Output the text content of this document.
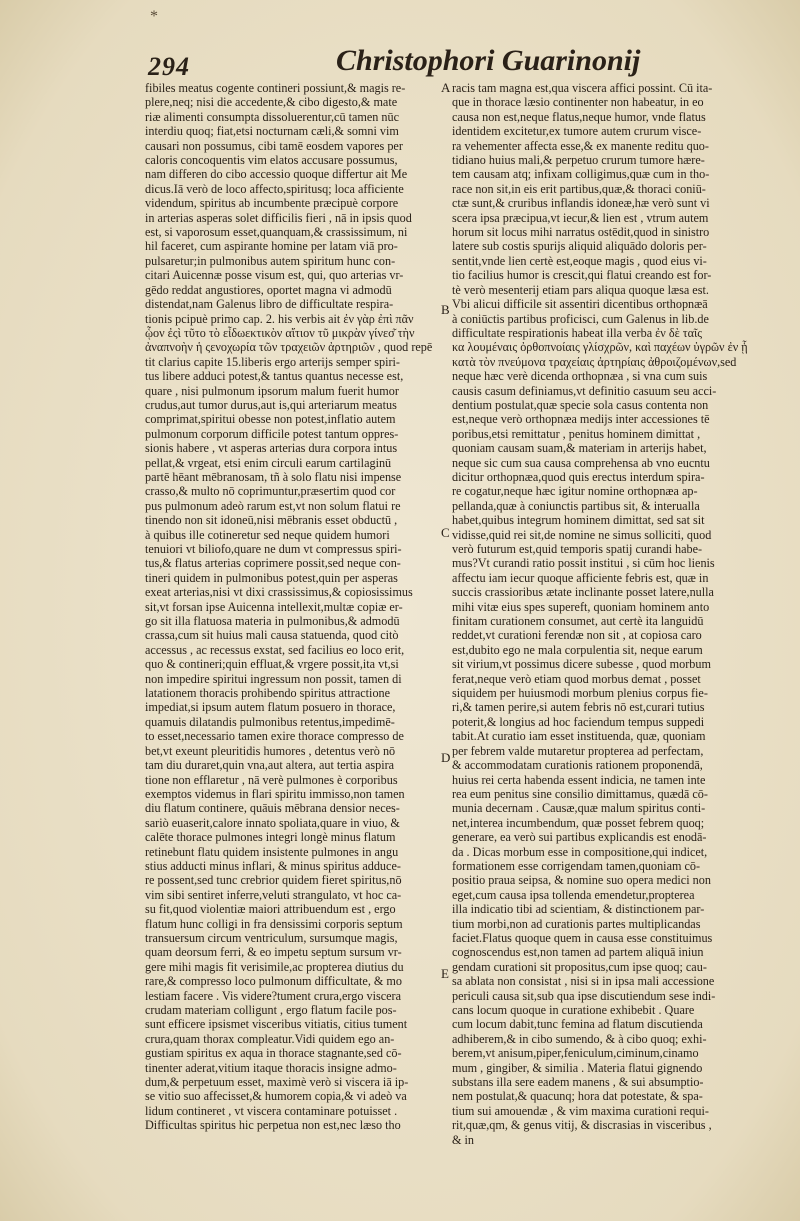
*
294	Christophori Guarinonij
A
B
C
D
E
fibiles meatus cogente contineri possiunt,& magis re-
plere,neq; nisi die accedente,& cibo digesto,& mate
riæ alimenti consumpta dissoluerentur,cū tamen nūc
interdiu quoq; fiat,etsi nocturnam cæli,& somni vim
causari non possumus, cibi tamē eosdem vapores per
caloris concoquentis vim elatos accusare possumus,
nam differen do cibo accessio quoque differtur ait Me
dicus.Iā verò de loco affecto,spiritusq; loca afficiente
videndum, spiritus ab incumbente præcipuè corpore
in arterias asperas solet difficilis fieri , nā in ipsis quod
est, si vaporosum esset,quanquam,& crassissimum, ni
hil faceret, cum aspirante homine per latam viā pro-
pulsaretur;in pulmonibus autem spiritum hunc con-
citari Auicennæ posse visum est, qui, quo arterias vr-
gēdo reddat angustiores, oportet magna vi admodū
distendat,nam Galenus libro de difficultate respira-
tionis pcipuè primo cap. 2. his verbis ait ἐν γὰρ ἐπὶ πᾶν
ᾧον ἐςὶ τῦτο τὸ εἶδωεκτικὸν αἴτιον τῦ μικρὰν γίνεσ͂ τὴν
ἀναπνοὴν ἡ ςενοχωρία τῶν τραχειῶν ἀρτηριῶν , quod repē
tit clarius capite 15.liberis ergo arterijs semper spiri-
tus libere adduci potest,& tantus quantus necesse est,
quare , nisi pulmonum ipsorum malum fuerit humor
crudus,aut tumor durus,aut is,qui arteriarum meatus
comprimat,spiritui obesse non potest,inflatio autem
pulmonum corporum difficile potest tantum oppres-
sionis habere , vt asperas arterias dura corpora intus
pellat,& vrgeat, etsi enim circuli earum cartilaginū
partē hēant mēbranosam, tñ à solo flatu nisi impense
crasso,& multo nō coprimuntur,præsertim quod cor
pus pulmonum adeò rarum est,vt non solum flatui re
tinendo non sit idoneū,nisi mēbranis esset obductū ,
à quibus ille cotineretur sed neque quidem humori
tenuiori vt biliofo,quare ne dum vt compressus spiri-
tus,& flatus arterias coprimere possit,sed neque con-
tineri quidem in pulmonibus potest,quin per asperas
exeat arterias,nisi vt dixi crassissimus,& copiosissimus
sit,vt forsan ipse Auicenna intellexit,multæ copiæ er-
go sit illa flatuosa materia in pulmonibus,& admodū
crassa,cum sit huius mali causa statuenda, quod citò
accessus , ac recessus exstat, sed facilius eo loco erit,
quo & contineri;quin effluat,& vrgere possit,ita vt,si
non impedire spiritui ingressum non possit, tamen di
latationem thoracis prohibendo spiritus attractione
impediat,si ipsum autem flatum posuero in thorace,
quamuis dilatandis pulmonibus retentus,impedimē-
to esset,necessario tamen exire thorace compresso de
bet,vt exeunt pleuritidis humores , detentus verò nō
tam diu duraret,quin vna,aut altera, aut tertia aspira
tione non efflaretur , nā verè pulmones è corporibus
exemptos videmus in flari spiritu immisso,non tamen
diu flatum continere, quāuis mēbrana densior neces-
sariò euaserit,calore innato spoliata,quare in viuo, &
calēte thorace pulmones integri longè minus flatum
retinebunt flatu quidem insistente pulmones in angu
stius adducti minus inflari, & minus spiritus adduce-
re possent,sed tunc crebrior quidem fieret spiritus,nō
vim sibi sentiret inferre,veluti strangulato, vt hoc ca-
su fit,quod violentiæ maiori attribuendum est , ergo
flatum hunc colligi in fra densissimi corporis septum
transuersum circum ventriculum, sursumque magis,
quam deorsum ferri, & eo impetu septum sursum vr-
gere mihi magis fit verisimile,ac propterea diutius du
rare,& compresso loco pulmonum difficultate, & mo
lestiam facere . Vis videre?tument crura,ergo viscera
crudam materiam colligunt , ergo flatum facile pos-
sunt efficere ipsismet visceribus vitiatis, citius tument
crura,quam thorax compleatur.Vidi quidem ego an-
gustiam spiritus ex aqua in thorace stagnante,sed cō-
tinenter aderat,vitium itaque thoracis insigne admo-
dum,& perpetuum esset, maximè verò si viscera iā ip-
se vitio suo affecisset,& humorem copia,& vi adeò va
lidum contineret , vt viscera contaminare potuisset .
Difficultas spiritus hic perpetua non est,nec læso tho
racis tam magna est,qua viscera affici possint. Cū ita-
que in thorace læsio continenter non habeatur, in eo
causa non est,neque flatus,neque humor, vnde flatus
identidem excitetur,ex tumore autem crurum visce-
ra vehementer affecta esse,& ex manente reditu quo-
tidiano huius mali,& perpetuo crurum tumore hære-
tem causam atq; infixam colligimus,quæ cum in tho-
race non sit,in eis erit partibus,quæ,& thoraci coniū-
ctæ sunt,& cruribus inflandis idoneæ,hæ verò sunt vi
scera ipsa præcipua,vt iecur,& lien est , vtrum autem
horum sit locus mihi narratus ostēdit,quod in sinistro
latere sub costis spurijs aliquid aliquādo doloris per-
sentit,vnde lien certè est,eoque magis , quod eius vi-
tio facilius humor is crescit,qui flatui creando est for-
tè verò mesenterij etiam pars aliqua quoque læsa est.
Vbi alicui difficile sit assentiri dicentibus orthopnæā
à coniūctis partibus proficisci, cum Galenus in lib.de
difficultate respirationis habeat illa verba ἐν δὲ ταῖς
κα λουμέναις ὀρθοπνοίαις γλίσχρῶν, καὶ παχέων ὑγρῶν ἐν ᾗ
κατὰ τὸν πνεύμονα τραχείαις ἀρτηρίαις ἀθροιζομένων,sed
neque hæc verè dicenda orthopnæa , si vna cum suis
causis casum definiamus,vt definitio casuum seu acci-
dentium postulat,quæ specie sola casus contenta non
est,neque verò orthopnæa medijs inter accessiones tē
poribus,etsi remittatur , penitus hominem dimittat ,
quoniam causam suam,& materiam in arterijs habet,
neque sic cum sua causa comprehensa ab vno eucntu
dicitur orthopnæa,quod quis erectus interdum spira-
re cogatur,neque hæc igitur nomine orthopnæa ap-
pellanda,quæ à coniunctis partibus sit, & interualla
habet,quibus integrum hominem dimittat, sed sat sit
vidisse,quid rei sit,de nomine ne simus solliciti, quod
verò futurum est,quid temporis spatij curandi habe-
mus?Vt curandi ratio possit institui , si cūm hoc lienis
affectu iam iecur quoque afficiente febris est, quæ in
succis crassioribus ætate inclinante posset latere,nulla
mihi vitæ eius spes supereft, quoniam hominem anto
finitam curationem consumet, aut certè ita languidū
reddet,vt curationi ferendæ non sit , at copiosa caro
est,dubito ego ne mala corpulentia sit, neque earum
sit virium,vt possimus dicere subesse , quod morbum
ferat,neque verò etiam quod morbus demat , posset
siquidem per huiusmodi morbum plenius corpus fie-
ri,& tamen perire,si autem febris nō est,curari tutius
poterit,& longius ad hoc faciendum tempus suppedi
tabit.At curatio iam esset instituenda, quæ, quoniam
per febrem valde mutaretur propterea ad perfectam,
& accommodatam curationis rationem proponendā,
huius rei certa habenda essent indicia, ne tamen inte
rea eum penitus sine consilio dimittamus, quædā cō-
munia decernam . Causæ,quæ malum spiritus conti-
net,interea incumbendum, quæ posset febrem quoq;
generare, ea verò sui partibus explicandis est enodā-
da . Dicas morbum esse in compositione,qui indicet,
formationem esse corrigendam tamen,quoniam cō-
positio praua seipsa, & nomine suo opera medici non
eget,cum causa ipsa tollenda emendetur,propterea
illa indicatio tibi ad scientiam, & distinctionem par-
tium morbi,non ad curationis partes multiplicandas
faciet.Flatus quoque quem in causa esse constituimus
cognoscendus est,non tamen ad partem aliquā iniun
gendam curationi sit propositus,cum ipse quoq; cau-
sa ablata non consistat , nisi si in ipsa mali accessione
periculi causa sit,sub qua ipse discutiendum sese indi-
cans locum quoque in curatione exhibebit . Quare
cum locum dabit,tunc femina ad flatum discutienda
adhiberem,& in cibo sumendo, & à cibo quoq; exhi-
berem,vt anisum,piper,feniculum,ciminum,cinamo
mum , gingiber, & similia . Materia flatui gignendo
substans illa sere eadem manens , & sui absumptio-
nem postulat,& quacunq; hora dat potestate, & spa-
tium sui amouendæ , & vim maxima curationi requi-
rit,quæ,qm, & genus vitij, & discrasias in visceribus ,
& in
